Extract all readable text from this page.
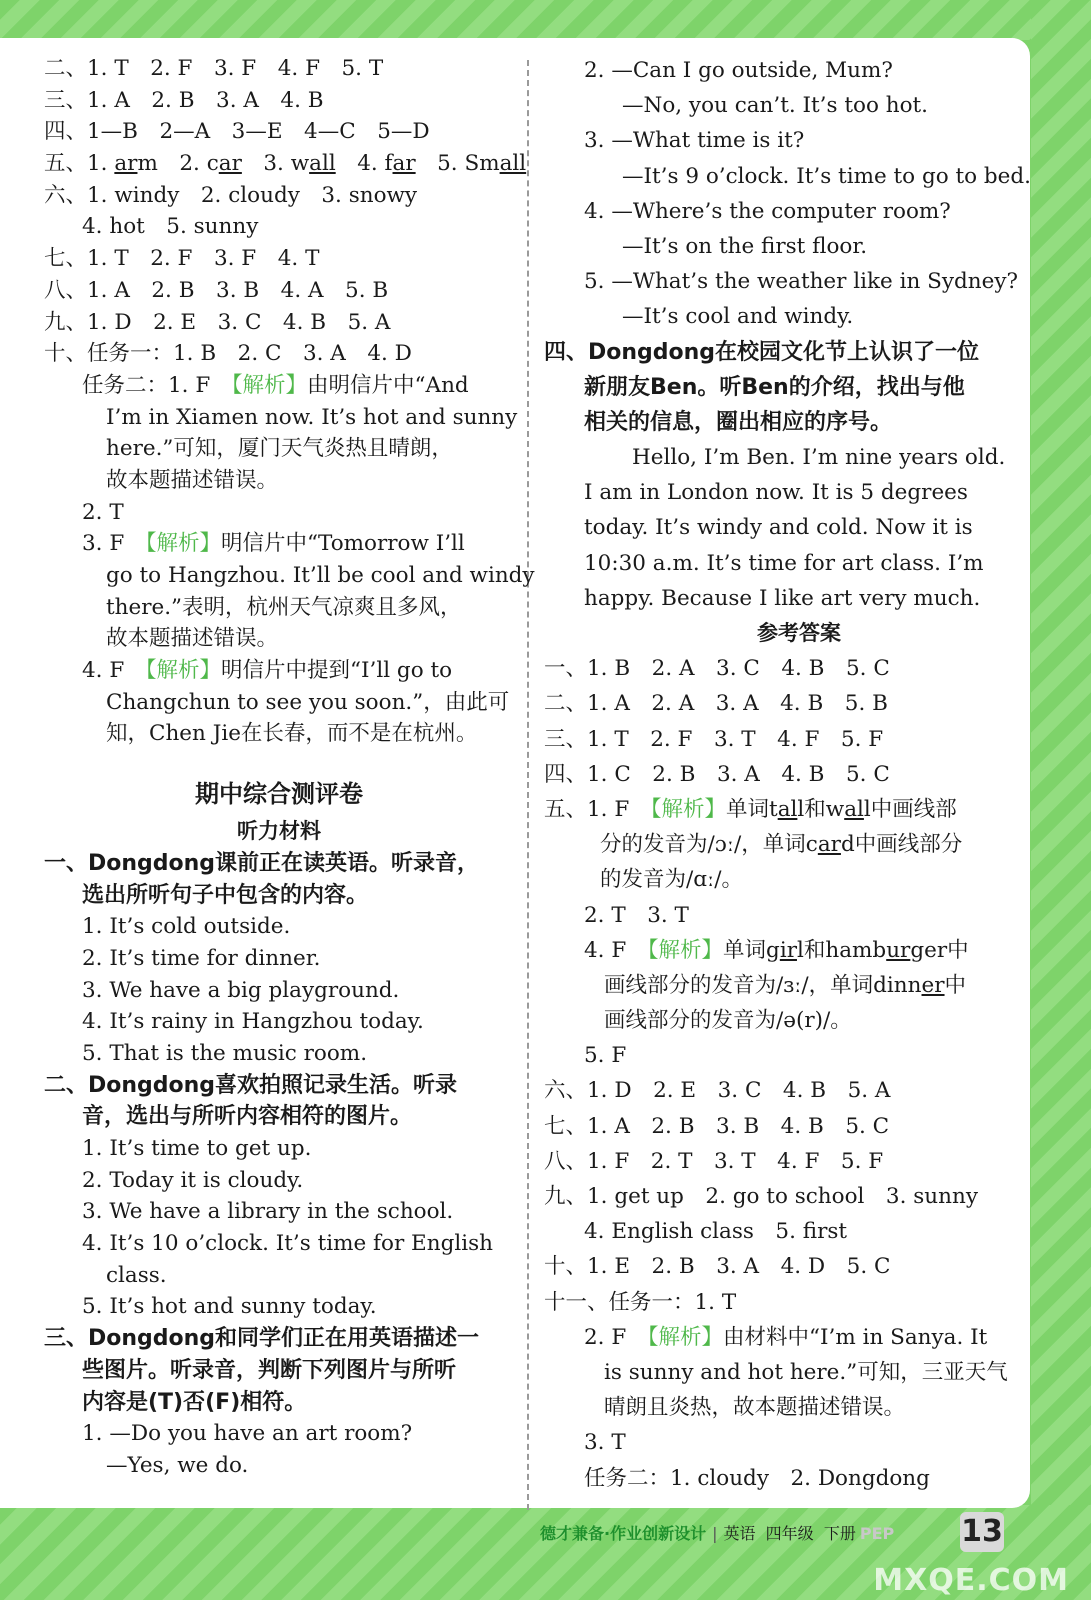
二、1. T　2. F　3. F　4. F　5. T
三、1. A　2. B　3. A　4. B
四、1—B　2—A　3—E　4—C　5—D
五、1. arm　2. car　3. wall　4. far　5. Small
六、1. windy　2. cloudy　3. snowy
4. hot　5. sunny
七、1. T　2. F　3. F　4. T
八、1. A　2. B　3. B　4. A　5. B
九、1. D　2. E　3. C　4. B　5. A
十、任务一：1. B　2. C　3. A　4. D
任务二：1. F　【解析】由明信片中“And
I’m in Xiamen now. It’s hot and sunny
here.”可知，厦门天气炎热且晴朗，
故本题描述错误。
2. T
3. F　【解析】明信片中“Tomorrow I’ll
go to Hangzhou. It’ll be cool and windy
there.”表明，杭州天气凉爽且多风，
故本题描述错误。
4. F　【解析】明信片中提到“I’ll go to
Changchun to see you soon.”，由此可
知，Chen Jie在长春，而不是在杭州。
期中综合测评卷
听力材料
一、Dongdong课前正在读英语。听录音，
选出所听句子中包含的内容。
1. It’s cold outside.
2. It’s time for dinner.
3. We have a big playground.
4. It’s rainy in Hangzhou today.
5. That is the music room.
二、Dongdong喜欢拍照记录生活。听录
音，选出与所听内容相符的图片。
1. It’s time to get up.
2. Today it is cloudy.
3. We have a library in the school.
4. It’s 10 o’clock. It’s time for English
class.
5. It’s hot and sunny today.
三、Dongdong和同学们正在用英语描述一
些图片。听录音，判断下列图片与所听
内容是(T)否(F)相符。
1. —Do you have an art room?
—Yes, we do.
2. —Can I go outside, Mum?
—No, you can’t. It’s too hot.
3. —What time is it?
—It’s 9 o’clock. It’s time to go to bed.
4. —Where’s the computer room?
—It’s on the first floor.
5. —What’s the weather like in Sydney?
—It’s cool and windy.
四、Dongdong在校园文化节上认识了一位
新朋友Ben。听Ben的介绍，找出与他
相关的信息，圈出相应的序号。
Hello, I’m Ben. I’m nine years old.
I am in London now. It is 5 degrees
today. It’s windy and cold. Now it is
10:30 a.m. It’s time for art class. I’m
happy. Because I like art very much.
参考答案
一、1. B　2. A　3. C　4. B　5. C
二、1. A　2. A　3. A　4. B　5. B
三、1. T　2. F　3. T　4. F　5. F
四、1. C　2. B　3. A　4. B　5. C
五、1. F　【解析】单词tall和wall中画线部
分的发音为/ɔː/，单词card中画线部分
的发音为/ɑː/。
2. T　3. T
4. F　【解析】单词girl和hamburger中
画线部分的发音为/ɜː/，单词dinner中
画线部分的发音为/ə(r)/。
5. F
六、1. D　2. E　3. C　4. B　5. A
七、1. A　2. B　3. B　4. B　5. C
八、1. F　2. T　3. T　4. F　5. F
九、1. get up　2. go to school　3. sunny
4. English class　5. first
十、1. E　2. B　3. A　4. D　5. C
十一、任务一：1. T
2. F　【解析】由材料中“I’m in Sanya. It
is sunny and hot here.”可知，三亚天气
晴朗且炎热，故本题描述错误。
3. T
任务二：1. cloudy　2. Dongdong
德才兼备·作业创新设计 | 英语 四年级 下册 PEP 13
MXQE.COM
